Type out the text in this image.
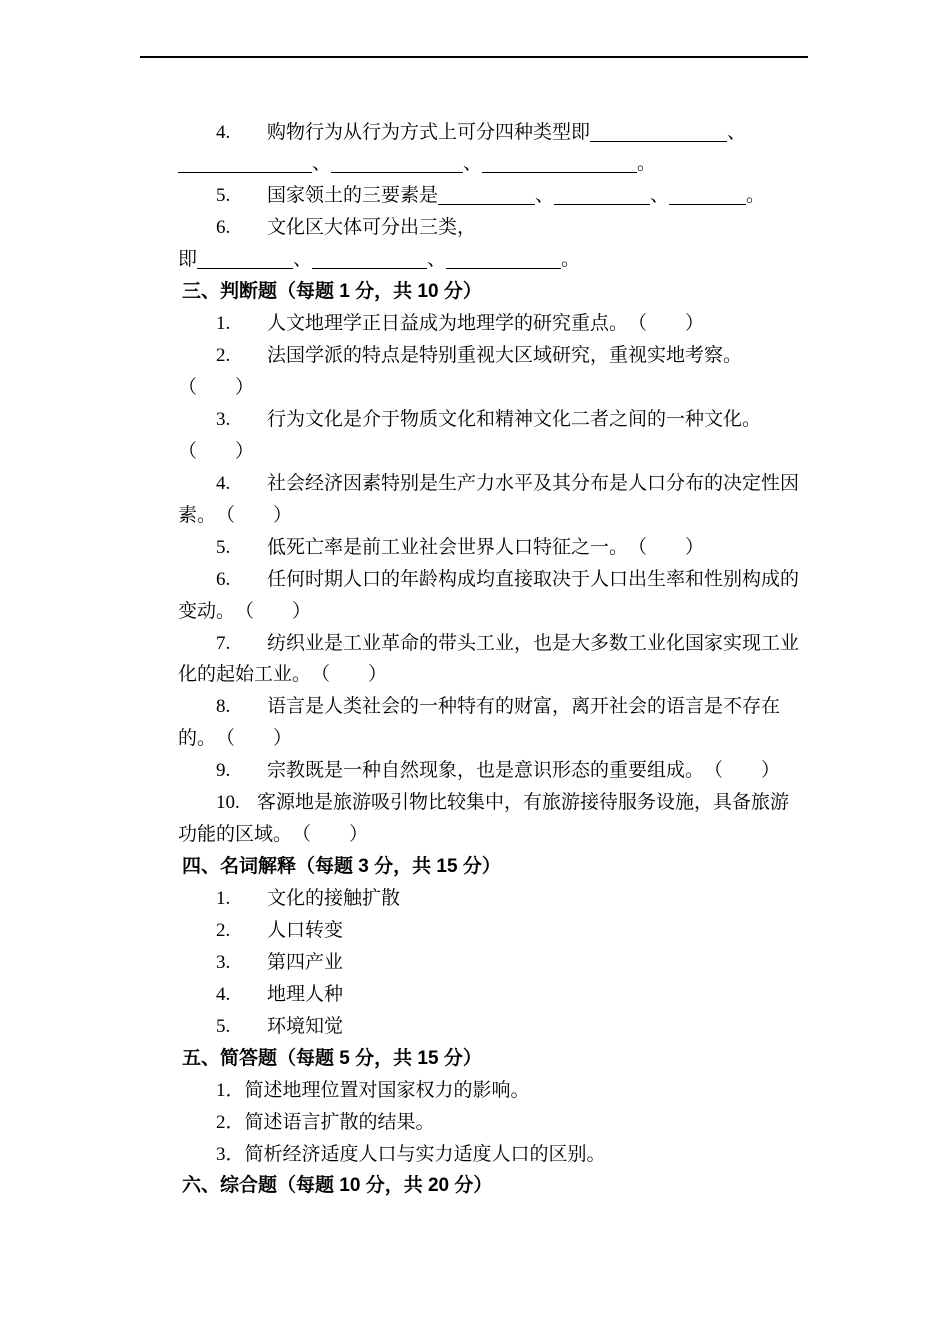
4.	购物行为从行为方式上可分四种类型即	、
、	、	。
5.	国家领土的三要素是	、	、	。
6.	文化区大体可分出三类，
即	、	、	。
三、判断题（每题 1 分，共 10 分）
1.	人文地理学正日益成为地理学的研究重点。（　　）
2.	法国学派的特点是特别重视大区域研究，重视实地考察。
（　　）
3.	行为文化是介于物质文化和精神文化二者之间的一种文化。
（　　）
4.	社会经济因素特别是生产力水平及其分布是人口分布的决定性因
素。（　　）
5.	低死亡率是前工业社会世界人口特征之一。（　　）
6.	任何时期人口的年龄构成均直接取决于人口出生率和性别构成的
变动。（　　）
7.	纺织业是工业革命的带头工业，也是大多数工业化国家实现工业
化的起始工业。（　　）
8.	语言是人类社会的一种特有的财富，离开社会的语言是不存在
的。（　　）
9.	宗教既是一种自然现象，也是意识形态的重要组成。（　　）
10. 客源地是旅游吸引物比较集中，有旅游接待服务设施，具备旅游
功能的区域。（　　）
四、名词解释（每题 3 分，共 15 分）
1.	文化的接触扩散
2.	人口转变
3.	第四产业
4.	地理人种
5.	环境知觉
五、简答题（每题 5 分，共 15 分）
1． 简述地理位置对国家权力的影响。
2． 简述语言扩散的结果。
3． 简析经济适度人口与实力适度人口的区别。
六、综合题（每题 10 分，共 20 分）
